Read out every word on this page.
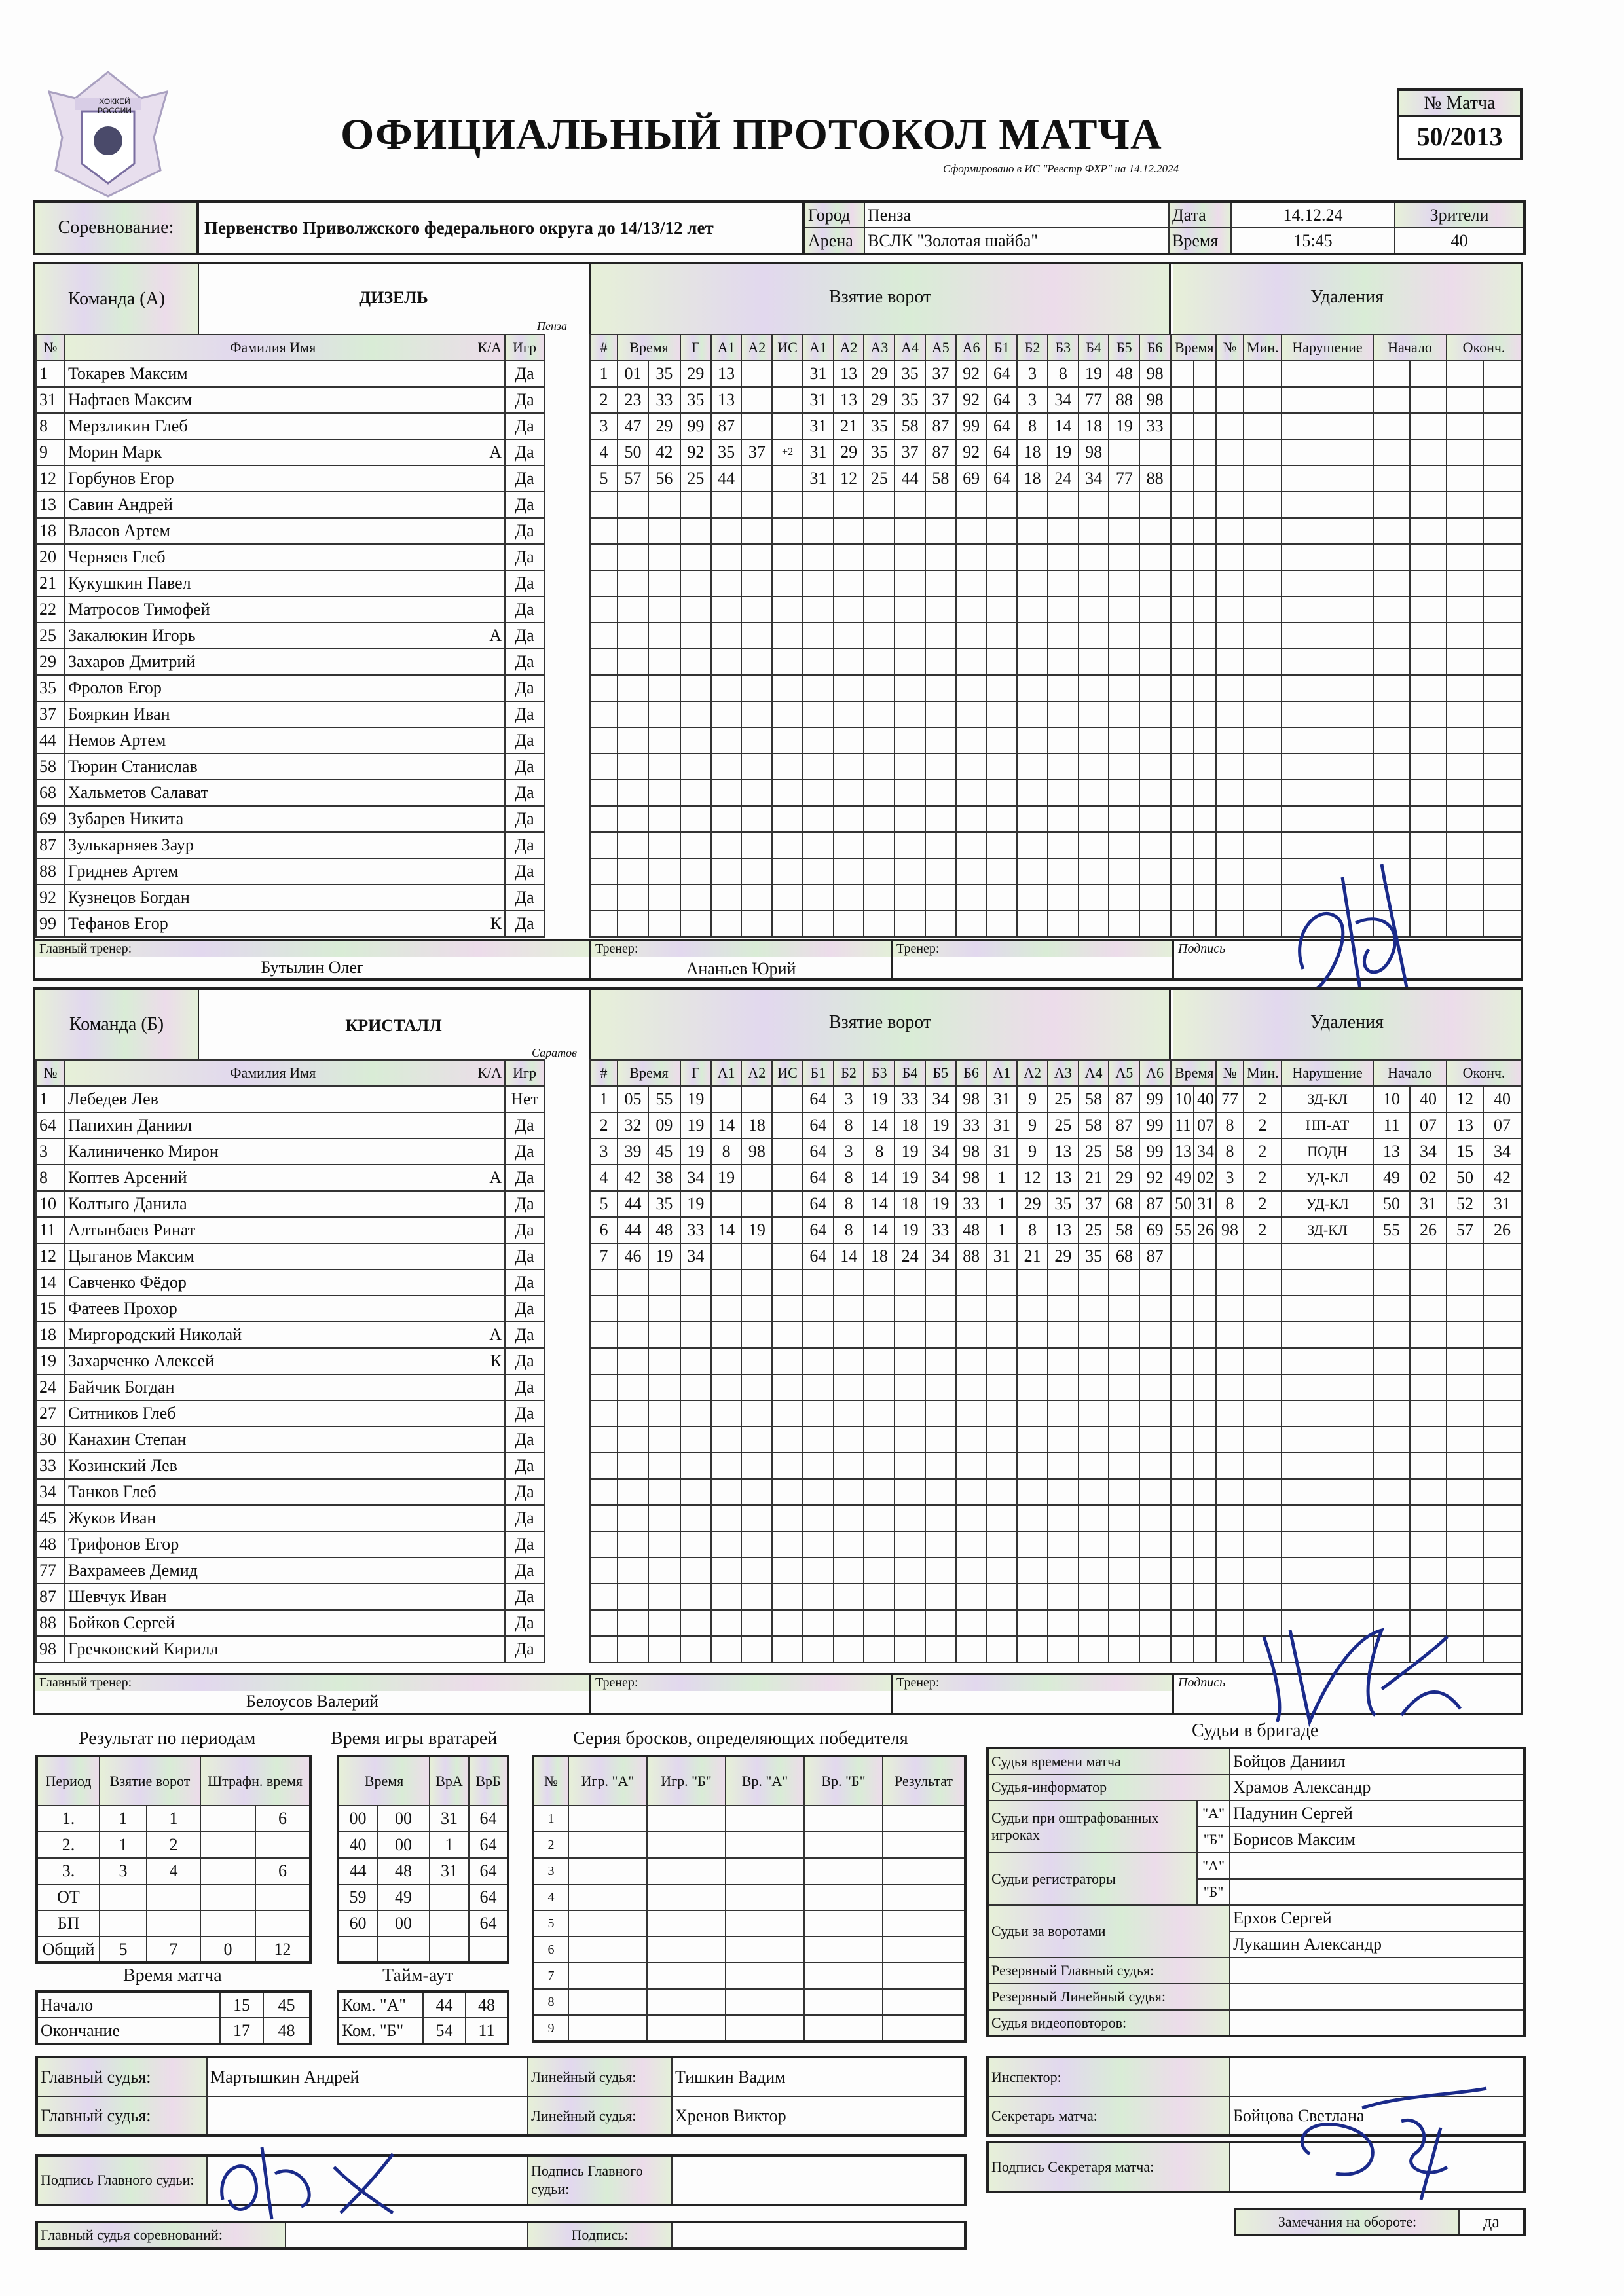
ХОККЕЙ РОССИИ	ОФИЦИАЛЬНЫЙ ПРОТОКОЛ МАТЧА
Сформировано в ИС "Реестр ФХР" на 14.12.2024
№ Матча
50/2013
Соревнование:	Первенство Приволжского федерального округа до 14/13/12 лет
Город	Пенза	Дата	14.12.24	Зрители
Арена	ВСЛК "Золотая шайба"	Время	15:45	40
Команда (А)	ДИЗЕЛЬ
Пенза
Взятие ворот	Удаления
№	Фамилия Имя К/А		Игр
1	Токарев Максим		Да
31	Нафтаев Максим		Да
8	Мерзликин Глеб		Да
9	Морин Марк А		Да
12	Горбунов Егор		Да
13	Савин Андрей		Да
18	Власов Артем		Да
20	Черняев Глеб		Да
21	Кукушкин Павел		Да
22	Матросов Тимофей		Да
25	Закалюкин Игорь А		Да
29	Захаров Дмитрий		Да
35	Фролов Егор		Да
37	Бояркин Иван		Да
44	Немов Артем		Да
58	Тюрин Станислав		Да
68	Хальметов Салават		Да
69	Зубарев Никита		Да
87	Зулькарняев Заур		Да
88	Гриднев Артем		Да
92	Кузнецов Богдан		Да
99	Тефанов Егор К		Да
#	Время		Г	А1	А2	ИС	А1	А2	А3	А4	А5	А6	Б1	Б2	Б3	Б4	Б5	Б6
1	01	35	29	13			31	13	29	35	37	92	64	3	8	19	48	98
2	23	33	35	13			31	13	29	35	37	92	64	3	34	77	88	98
3	47	29	99	87			31	21	35	58	87	99	64	8	14	18	19	33
4	50	42	92	35	37	+2	31	29	35	37	87	92	64	18	19	98		
5	57	56	25	44			31	12	25	44	58	69	64	18	24	34	77	88

Время		№	Мин.	Нарушение	Начало		Оконч.	

Главный тренер:
Бутылин Олег
Тренер:
Ананьев Юрий
Тренер:	Подпись
Команда (Б)	КРИСТАЛЛ
Саратов
Взятие ворот	Удаления
№	Фамилия Имя К/А		Игр
1	Лебедев Лев		Нет
64	Папихин Даниил		Да
3	Калиниченко Мирон		Да
8	Коптев Арсений А		Да
10	Колтыго Данила		Да
11	Алтынбаев Ринат		Да
12	Цыганов Максим		Да
14	Савченко Фёдор		Да
15	Фатеев Прохор		Да
18	Миргородский Николай А		Да
19	Захарченко Алексей К		Да
24	Байчик Богдан		Да
27	Ситников Глеб		Да
30	Канахин Степан		Да
33	Козинский Лев		Да
34	Танков Глеб		Да
45	Жуков Иван		Да
48	Трифонов Егор		Да
77	Вахрамеев Демид		Да
87	Шевчук Иван		Да
88	Бойков Сергей		Да
98	Гречковский Кирилл		Да
#	Время		Г	А1	А2	ИС	Б1	Б2	Б3	Б4	Б5	Б6	А1	А2	А3	А4	А5	А6
1	05	55	19				64	3	19	33	34	98	31	9	25	58	87	99
2	32	09	19	14	18		64	8	14	18	19	33	31	9	25	58	87	99
3	39	45	19	8	98		64	3	8	19	34	98	31	9	13	25	58	99
4	42	38	34	19			64	8	14	19	34	98	1	12	13	21	29	92
5	44	35	19				64	8	14	18	19	33	1	29	35	37	68	87
6	44	48	33	14	19		64	8	14	19	33	48	1	8	13	25	58	69
7	46	19	34				64	14	18	24	34	88	31	21	29	35	68	87

Время		№	Мин.	Нарушение	Начало		Оконч.	
10	40	77	2	ЗД-КЛ	10	40	12	40
11	07	8	2	НП-АТ	11	07	13	07
13	34	8	2	ПОДН	13	34	15	34
49	02	3	2	УД-КЛ	49	02	50	42
50	31	8	2	УД-КЛ	50	31	52	31
55	26	98	2	ЗД-КЛ	55	26	57	26

Главный тренер:
Белоусов Валерий
Тренер:	Тренер:	Подпись
Результат по периодам
Период	Взятие ворот		Штрафн. время	
1.	1	1		6
2.	1	2		
3.	3	4		6
ОТ				
БП				
Общий	5	7	0	12
Время игры вратарей
Время		ВрА	ВрБ
00	00	31	64
40	00	1	64
44	48	31	64
59	49		64
60	00		64

Время матча
Начало	15	45
Окончание	17	48
Тайм-аут
Ком. "А"	44	48
Ком. "Б"	54	11
Серия бросков, определяющих победителя
№	Игр. "А"	Игр. "Б"	Вр. "А"	Вр. "Б"	Результат
1					
2					
3					
4					
5					
6					
7					
8					
9					
Судьи в бригаде
Судья времени матча		Бойцов Даниил
Судья-информатор		Храмов Александр
Судьи при оштрафованных игроках	"А"	Падунин Сергей
	"Б"	Борисов Максим
Судьи регистраторы	"А"	
	"Б"	
Судьи за воротами		Ерхов Сергей
		Лукашин Александр
Резервный Главный судья:		
Резервный Линейный судья:		
Судья видеоповторов:		
Главный судья:	Мартышкин Андрей	Линейный судья:	Тишкин Вадим
Главный судья:		Линейный судья:	Хренов Виктор
Инспектор:	
Секретарь матча:	Бойцова Светлана
Подпись Главного судьи:		Подпись Главного судьи:	
Подпись Секретаря матча:	
Главный судья соревнований:		Подпись:	
Замечания на обороте:	да
